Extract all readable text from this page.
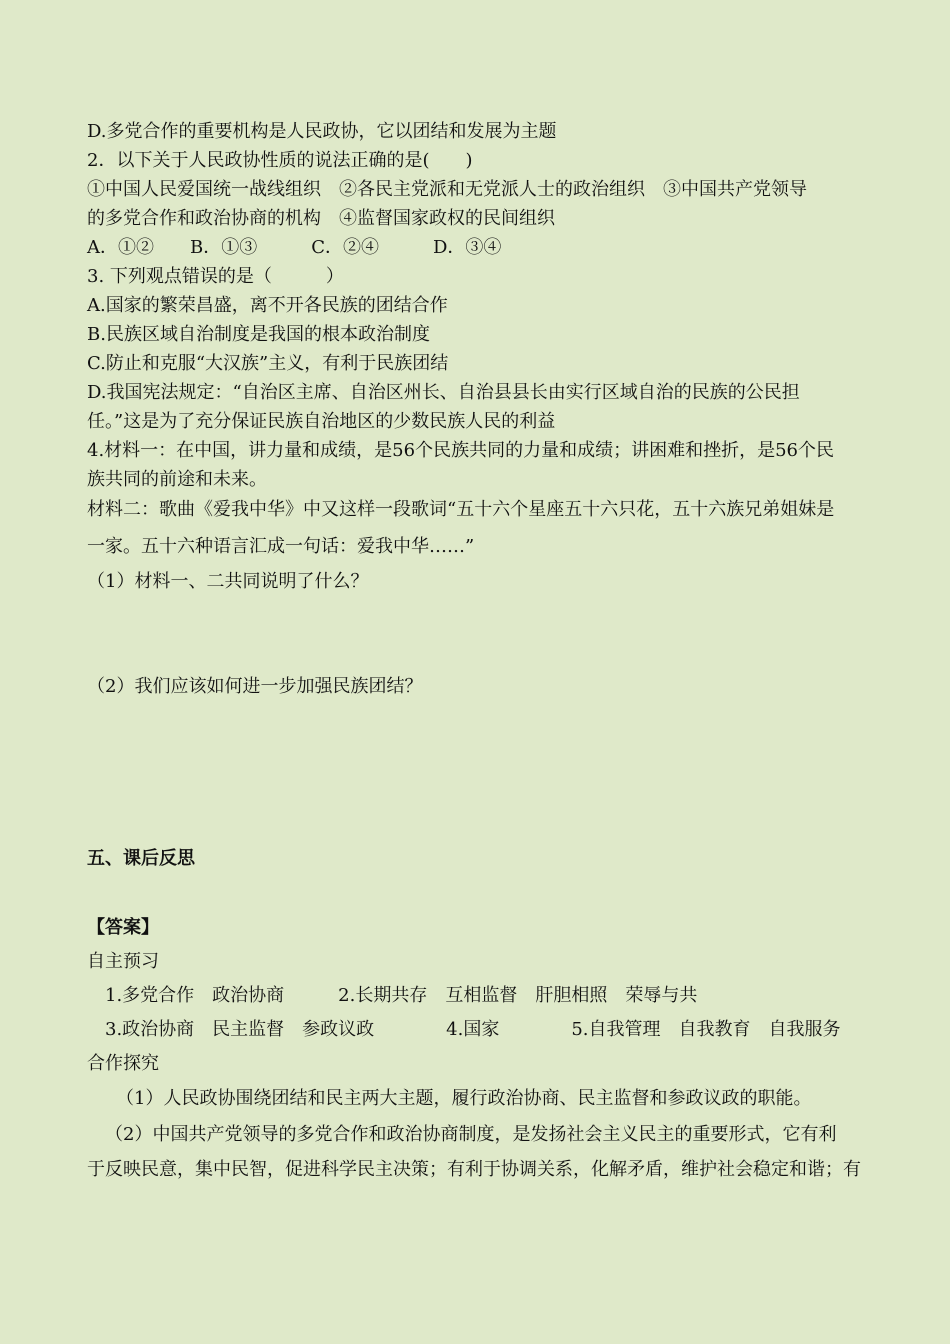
D.多党合作的重要机构是人民政协，它以团结和发展为主题
2．以下关于人民政协性质的说法正确的是(　　)
①中国人民爱国统一战线组织　②各民主党派和无党派人士的政治组织　③中国共产党领导
的多党合作和政治协商的机构　④监督国家政权的民间组织
A．①②　　B．①③　　　C．②④　　　D．③④
3. 下列观点错误的是（　　　）
A.国家的繁荣昌盛，离不开各民族的团结合作
B.民族区域自治制度是我国的根本政治制度
C.防止和克服“大汉族”主义，有利于民族团结
D.我国宪法规定：“自治区主席、自治区州长、自治县县长由实行区域自治的民族的公民担
任。”这是为了充分保证民族自治地区的少数民族人民的利益
4.材料一：在中国，讲力量和成绩，是56个民族共同的力量和成绩；讲困难和挫折，是56个民
族共同的前途和未来。
材料二：歌曲《爱我中华》中又这样一段歌词“五十六个星座五十六只花，五十六族兄弟姐妹是
一家。五十六种语言汇成一句话：爱我中华……”
（1）材料一、二共同说明了什么？
（2）我们应该如何进一步加强民族团结？
五、课后反思
【答案】
自主预习
1.多党合作　政治协商　　　2.长期共存　互相监督　肝胆相照　荣辱与共
3.政治协商　民主监督　参政议政　　　　4.国家　　　　5.自我管理　自我教育　自我服务
合作探究
（1）人民政协围绕团结和民主两大主题，履行政治协商、民主监督和参政议政的职能。
（2）中国共产党领导的多党合作和政治协商制度，是发扬社会主义民主的重要形式，它有利
于反映民意，集中民智，促进科学民主决策；有利于协调关系，化解矛盾，维护社会稳定和谐；有
